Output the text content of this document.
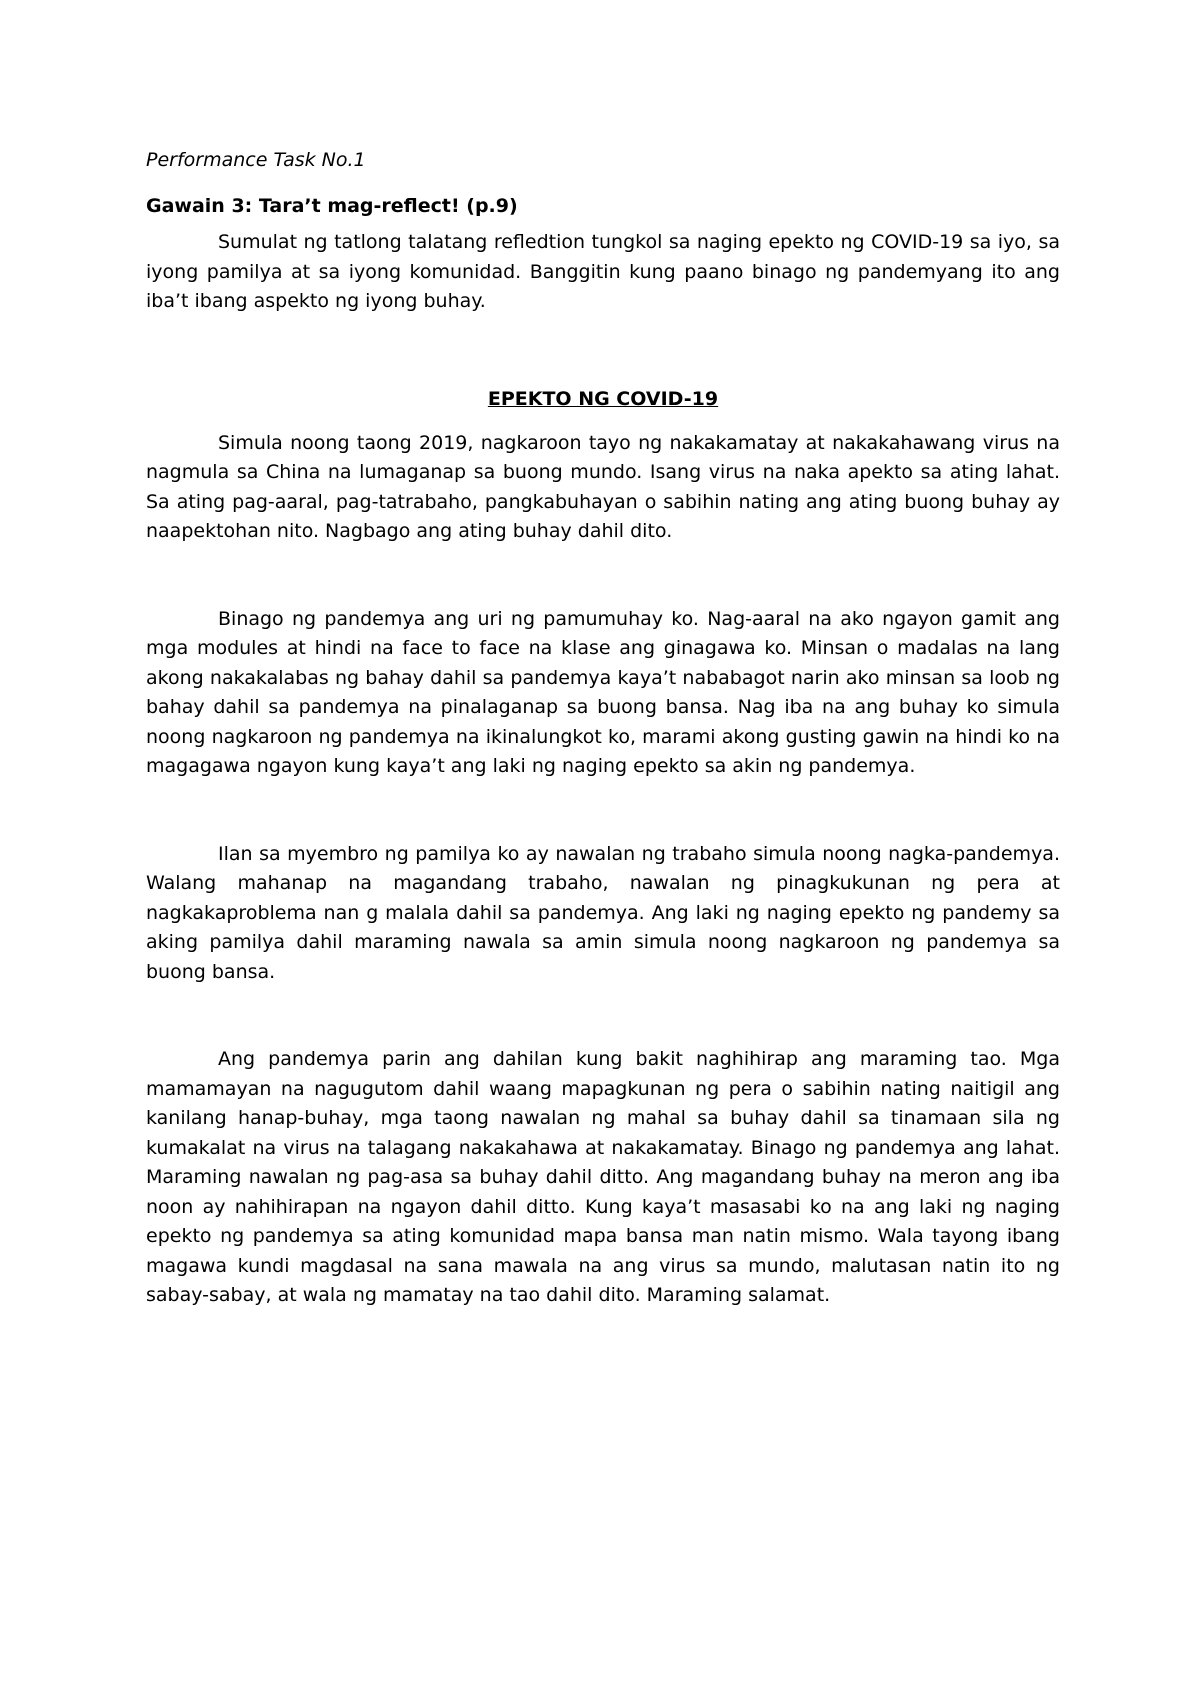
Performance Task No.1

Gawain 3: Tara’t mag-reflect! (p.9)

Sumulat ng tatlong talatang refledtion tungkol sa naging epekto ng COVID-19 sa iyo, sa iyong pamilya at sa iyong komunidad. Banggitin kung paano binago ng pandemyang ito ang iba’t ibang aspekto ng iyong buhay.

EPEKTO NG COVID-19

Simula noong taong 2019, nagkaroon tayo ng nakakamatay at nakakahawang virus na nagmula sa China na lumaganap sa buong mundo. Isang virus na naka apekto sa ating lahat. Sa ating pag-aaral, pag-tatrabaho, pangkabuhayan o sabihin nating ang ating buong buhay ay naapektohan nito. Nagbago ang ating buhay dahil dito.

Binago ng pandemya ang uri ng pamumuhay ko. Nag-aaral na ako ngayon gamit ang mga modules at hindi na face to face na klase ang ginagawa ko. Minsan o madalas na lang akong nakakalabas ng bahay dahil sa pandemya kaya’t nababagot narin ako minsan sa loob ng bahay dahil sa pandemya na pinalaganap sa buong bansa. Nag iba na ang buhay ko simula noong nagkaroon ng pandemya na ikinalungkot ko, marami akong gusting gawin na hindi ko na magagawa ngayon kung kaya’t ang laki ng naging epekto sa akin ng pandemya.

Ilan sa myembro ng pamilya ko ay nawalan ng trabaho simula noong nagka-pandemya. Walang mahanap na magandang trabaho, nawalan ng pinagkukunan ng pera at nagkakaproblema nan g malala dahil sa pandemya. Ang laki ng naging epekto ng pandemy sa aking pamilya dahil maraming nawala sa amin simula noong nagkaroon ng pandemya sa buong bansa.

Ang pandemya parin ang dahilan kung bakit naghihirap ang maraming tao. Mga mamamayan na nagugutom dahil waang mapagkunan ng pera o sabihin nating naitigil ang kanilang hanap-buhay, mga taong nawalan ng mahal sa buhay dahil sa tinamaan sila ng kumakalat na virus na talagang nakakahawa at nakakamatay. Binago ng pandemya ang lahat. Maraming nawalan ng pag-asa sa buhay dahil ditto. Ang magandang buhay na meron ang iba noon ay nahihirapan na ngayon dahil ditto. Kung kaya’t masasabi ko na ang laki ng naging epekto ng pandemya sa ating komunidad mapa bansa man natin mismo. Wala tayong ibang magawa kundi magdasal na sana mawala na ang virus sa mundo, malutasan natin ito ng sabay-sabay, at wala ng mamatay na tao dahil dito. Maraming salamat.
